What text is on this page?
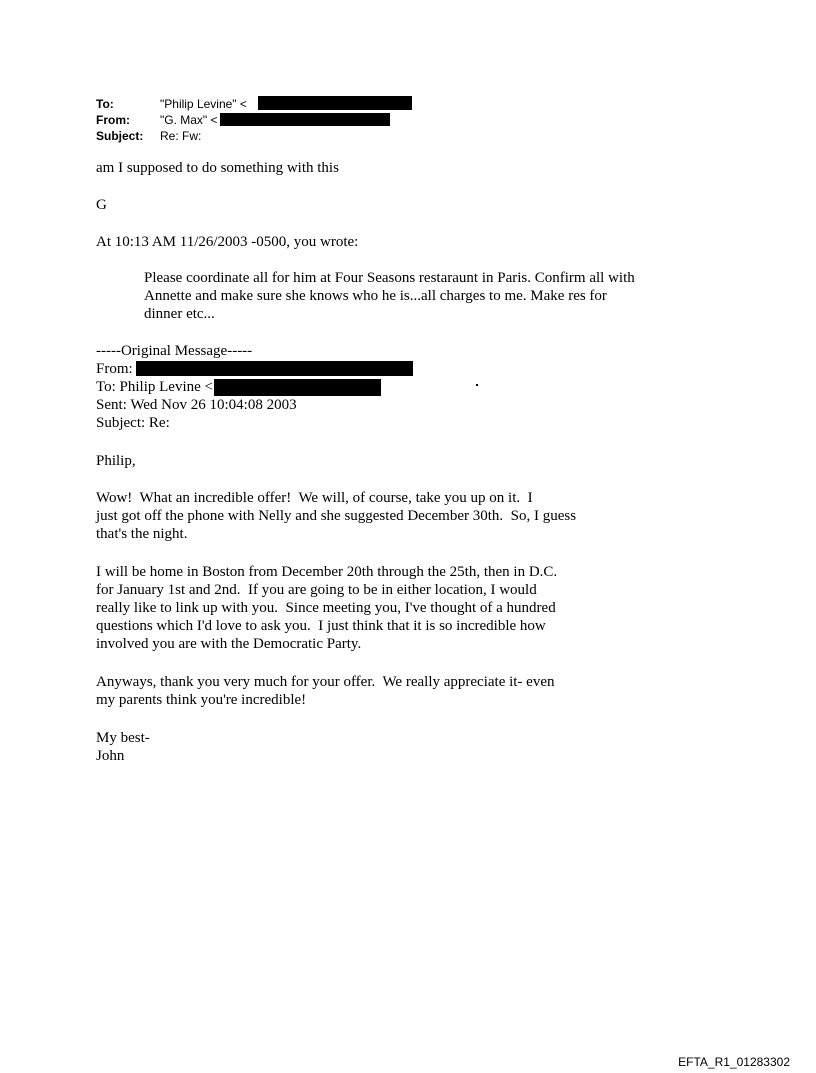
To:	"Philip Levine" <
From:	"G. Max" <
Subject: Re: Fw:
am I supposed to do something with this
G
At 10:13 AM 11/26/2003 -0500, you wrote:
Please coordinate all for him at Four Seasons restaraunt in Paris. Confirm all with
Annette and make sure she knows who he is...all charges to me. Make res for
dinner etc...
-----Original Message-----
From:
To: Philip Levine <
Sent: Wed Nov 26 10:04:08 2003
Subject: Re:
Philip,
Wow!  What an incredible offer!  We will, of course, take you up on it.  I
just got off the phone with Nelly and she suggested December 30th.  So, I guess
that's the night.
I will be home in Boston from December 20th through the 25th, then in D.C.
for January 1st and 2nd.  If you are going to be in either location, I would
really like to link up with you.  Since meeting you, I've thought of a hundred
questions which I'd love to ask you.  I just think that it is so incredible how
involved you are with the Democratic Party.
Anyways, thank you very much for your offer.  We really appreciate it- even
my parents think you're incredible!
My best-
John
EFTA_R1_01283302
